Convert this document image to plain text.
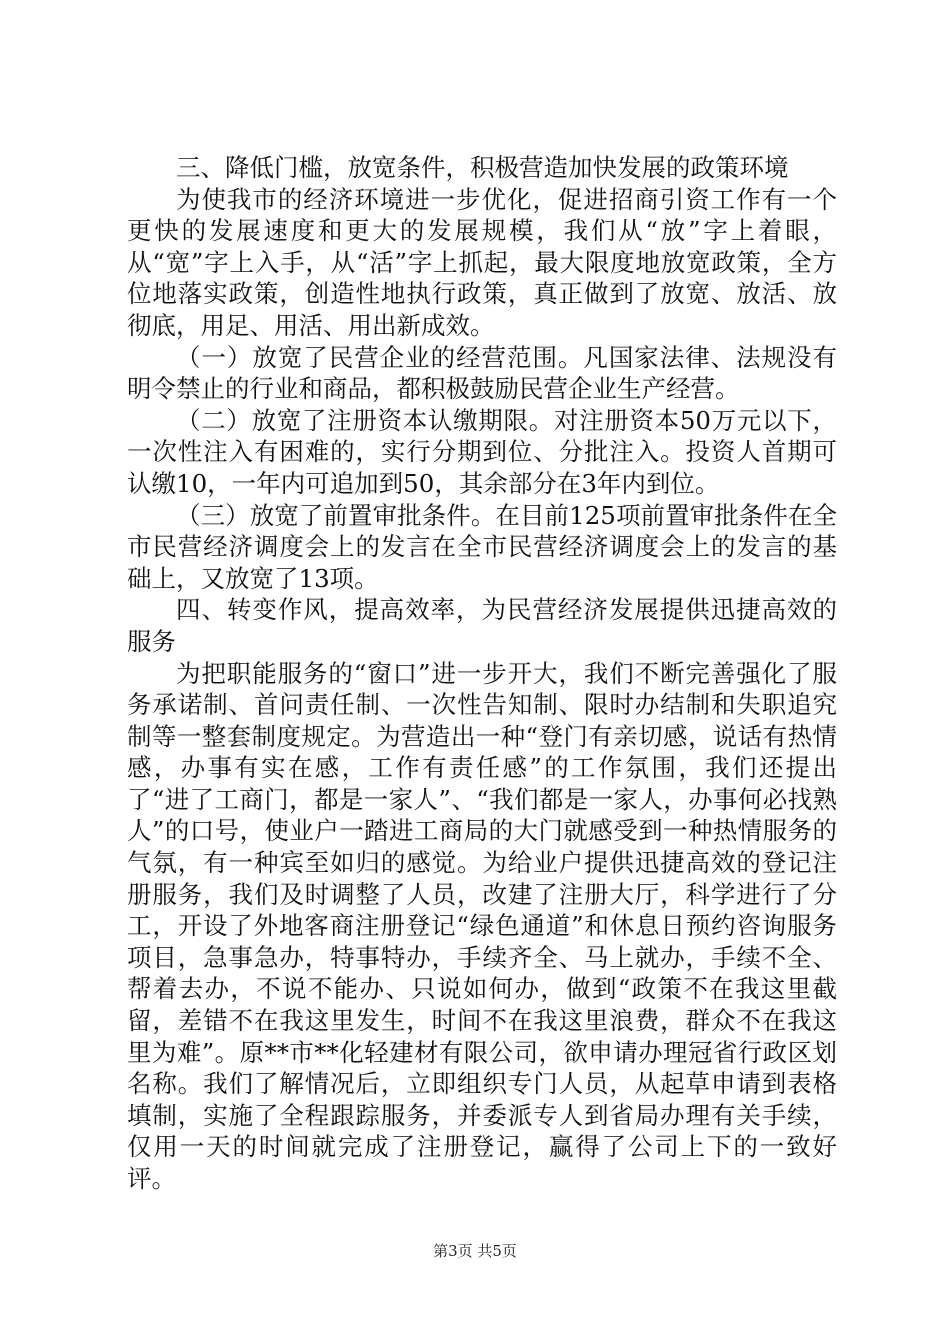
三、降低门槛，放宽条件，积极营造加快发展的政策环境

为使我市的经济环境进一步优化，促进招商引资工作有一个更快的发展速度和更大的发展规模，我们从“放”字上着眼，从“宽”字上入手，从“活”字上抓起，最大限度地放宽政策，全方位地落实政策，创造性地执行政策，真正做到了放宽、放活、放彻底，用足、用活、用出新成效。

（一）放宽了民营企业的经营范围。凡国家法律、法规没有明令禁止的行业和商品，都积极鼓励民营企业生产经营。

（二）放宽了注册资本认缴期限。对注册资本50万元以下，一次性注入有困难的，实行分期到位、分批注入。投资人首期可认缴10，一年内可追加到50，其余部分在3年内到位。

（三）放宽了前置审批条件。在目前125项前置审批条件在全市民营经济调度会上的发言在全市民营经济调度会上的发言的基础上，又放宽了13项。

四、转变作风，提高效率，为民营经济发展提供迅捷高效的服务

为把职能服务的“窗口”进一步开大，我们不断完善强化了服务承诺制、首问责任制、一次性告知制、限时办结制和失职追究制等一整套制度规定。为营造出一种“登门有亲切感，说话有热情感，办事有实在感，工作有责任感”的工作氛围，我们还提出了“进了工商门，都是一家人”、“我们都是一家人，办事何必找熟人”的口号，使业户一踏进工商局的大门就感受到一种热情服务的气氛，有一种宾至如归的感觉。为给业户提供迅捷高效的登记注册服务，我们及时调整了人员，改建了注册大厅，科学进行了分工，开设了外地客商注册登记“绿色通道”和休息日预约咨询服务项目，急事急办，特事特办，手续齐全、马上就办，手续不全、帮着去办，不说不能办、只说如何办，做到“政策不在我这里截留，差错不在我这里发生，时间不在我这里浪费，群众不在我这里为难”。原**市**化轻建材有限公司，欲申请办理冠省行政区划名称。我们了解情况后，立即组织专门人员，从起草申请到表格填制，实施了全程跟踪服务，并委派专人到省局办理有关手续，仅用一天的时间就完成了注册登记，赢得了公司上下的一致好评。

第3页 共5页
